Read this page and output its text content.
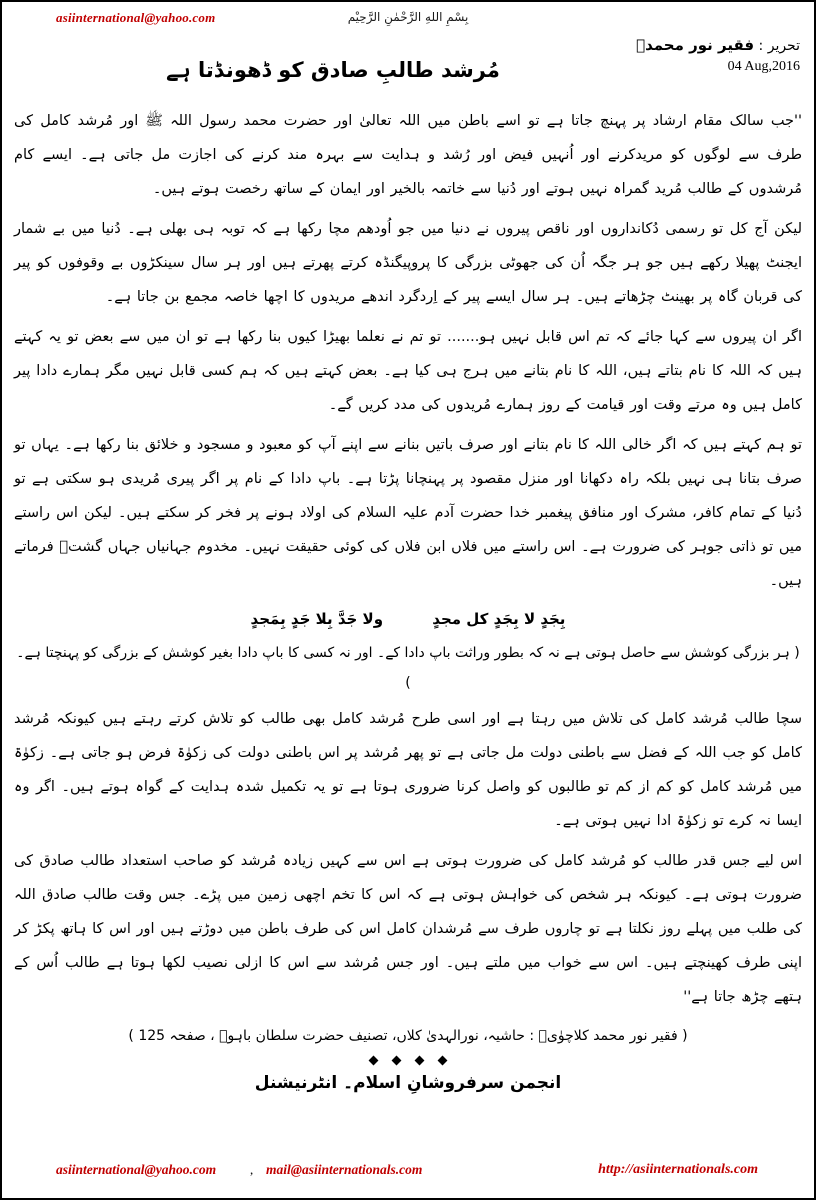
asiinternational@yahoo.com	بِسْمِ اللهِ الرَّحْمٰنِ الرَّحِيْم
تحریر : فقیر نور محمدؒ
04 Aug,2016
مُرشد طالبِ صادق کو ڈھونڈتا ہے

''جب سالک مقام ارشاد پر پہنچ جاتا ہے تو اسے باطن میں اللہ تعالیٰ اور حضرت محمد رسول اللہ ﷺ اور مُرشد کامل کی طرف سے لوگوں کو مریدکرنے اور اُنہیں فیض اور رُشد و ہدایت سے بہرہ مند کرنے کی اجازت مل جاتی ہے۔ ایسے کام مُرشدوں کے طالب مُرید گمراہ نہیں ہوتے اور دُنیا سے خاتمہ بالخیر اور ایمان کے ساتھ رخصت ہوتے ہیں۔

لیکن آج کل تو رسمی دُکانداروں اور ناقص پیروں نے دنیا میں جو اُودھم مچا رکھا ہے کہ توبہ ہی بھلی ہے۔ دُنیا میں بے شمار ایجنٹ پھیلا رکھے ہیں جو ہر جگہ اُن کی جھوٹی بزرگی کا پروپیگنڈہ کرتے پھرتے ہیں اور ہر سال سینکڑوں بے وقوفوں کو پیر کی قربان گاہ پر بھینٹ چڑھاتے ہیں۔ ہر سال ایسے پیر کے اِردگرد اندھے مریدوں کا اچھا خاصہ مجمع بن جاتا ہے۔

اگر ان پیروں سے کہا جائے کہ تم اس قابل نہیں ہو....... تو تم نے نعلما بھیڑا کیوں بنا رکھا ہے تو ان میں سے بعض تو یہ کہتے ہیں کہ اللہ کا نام بتاتے ہیں، اللہ کا نام بتانے میں ہرج ہی کیا ہے۔ بعض کہتے ہیں کہ ہم کسی قابل نہیں مگر ہمارے دادا پیر کامل ہیں وہ مرتے وقت اور قیامت کے روز ہمارے مُریدوں کی مدد کریں گے۔

تو ہم کہتے ہیں کہ اگر خالی اللہ کا نام بتانے اور صرف باتیں بنانے سے اپنے آپ کو معبود و مسجود و خلائق بنا رکھا ہے۔ یہاں تو صرف بتانا ہی نہیں بلکہ راہ دکھانا اور منزل مقصود پر پہنچانا پڑتا ہے۔ باپ دادا کے نام پر اگر پیری مُریدی ہو سکتی ہے تو دُنیا کے تمام کافر، مشرک اور منافق پیغمبر خدا حضرت آدم علیہ السلام کی اولاد ہونے پر فخر کر سکتے ہیں۔ لیکن اس راستے میں تو ذاتی جوہر کی ضرورت ہے۔ اس راستے میں فلاں ابن فلاں کی کوئی حقیقت نہیں۔ مخدوم جہانیاں جہاں گشتؒ فرماتے ہیں۔

بِجَدٍ لا بِجَدٍ کل مجدٍ ولا جَدَّ بِلا جَدٍ بِمَجدٍ

( ہر بزرگی کوشش سے حاصل ہوتی ہے نہ کہ بطور وراثت باپ دادا کے۔ اور نہ کسی کا باپ دادا بغیر کوشش کے بزرگی کو پہنچتا ہے۔ )

سچا طالب مُرشد کامل کی تلاش میں رہتا ہے اور اسی طرح مُرشد کامل بھی طالب کو تلاش کرتے رہتے ہیں کیونکہ مُرشد کامل کو جب اللہ کے فضل سے باطنی دولت مل جاتی ہے تو پھر مُرشد پر اس باطنی دولت کی زکوٰۃ فرض ہو جاتی ہے۔ زکوٰۃ میں مُرشد کامل کو کم از کم تو طالبوں کو واصل کرنا ضروری ہوتا ہے تو یہ تکمیل شدہ ہدایت کے گواہ ہوتے ہیں۔ اگر وہ ایسا نہ کرے تو زکوٰۃ ادا نہیں ہوتی ہے۔

اس لیے جس قدر طالب کو مُرشد کامل کی ضرورت ہوتی ہے اس سے کہیں زیادہ مُرشد کو صاحب استعداد طالب صادق کی ضرورت ہوتی ہے۔ کیونکہ ہر شخص کی خواہش ہوتی ہے کہ اس کا تخم اچھی زمین میں پڑے۔ جس وقت طالب صادق اللہ کی طلب میں پہلے روز نکلتا ہے تو چاروں طرف سے مُرشدان کامل اس کی طرف باطن میں دوڑتے ہیں اور اس کا ہاتھ پکڑ کر اپنی طرف کھینچتے ہیں۔ اس سے خواب میں ملتے ہیں۔ اور جس مُرشد سے اس کا ازلی نصیب لکھا ہوتا ہے طالب اُس کے ہتھے چڑھ جاتا ہے''

( فقیر نور محمد کلاچوٰیؒ : حاشیہ، نورالہدیٰ کلاں، تصنیف حضرت سلطان باہوؒ ، صفحہ 125 )

انجمن سرفروشانِ اسلام۔ انٹرنیشنل
asiinternational@yahoo.com	, mail@asiinternationals.com	http://asiinternationals.com
